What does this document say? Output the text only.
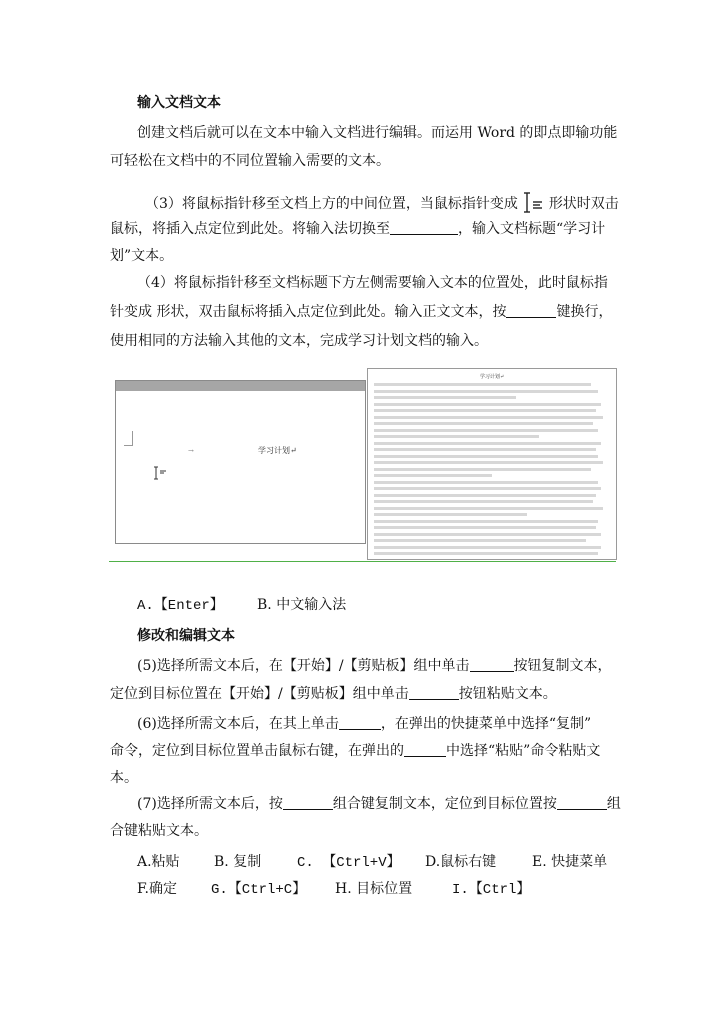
输入文档文本
创建文档后就可以在文本中输入文档进行编辑。而运用 Word 的即点即输功能
可轻松在文档中的不同位置输入需要的文本。
（3）将鼠标指针移至文档上方的中间位置，当鼠标指针变成 形状时双击
鼠标，将插入点定位到此处。将输入法切换至	，输入文档标题“学习计
划”文本。
（4）将鼠标指针移至文档标题下方左侧需要输入文本的位置处，此时鼠标指
针变成 形状，双击鼠标将插入点定位到此处。输入正文文本，按	键换行，
使用相同的方法输入其他的文本，完成学习计划文档的输入。
→	学习计划↵
学习计划↵
A.【Enter】 B. 中文输入法
修改和编辑文本
(5)选择所需文本后，在【开始】/【剪贴板】组中单击	按钮复制文本，
定位到目标位置在【开始】/【剪贴板】组中单击	按钮粘贴文本。
(6)选择所需文本后，在其上单击	，在弹出的快捷菜单中选择“复制”
命令，定位到目标位置单击鼠标右键，在弹出的	中选择“粘贴”命令粘贴文
本。
(7)选择所需文本后，按	组合键复制文本，定位到目标位置按	组
合键粘贴文本。
A.粘贴 B. 复制	C. 【Ctrl+V】 D.鼠标右键	E. 快捷菜单
F.确定 G.【Ctrl+C】 H. 目标位置	I.【Ctrl】
